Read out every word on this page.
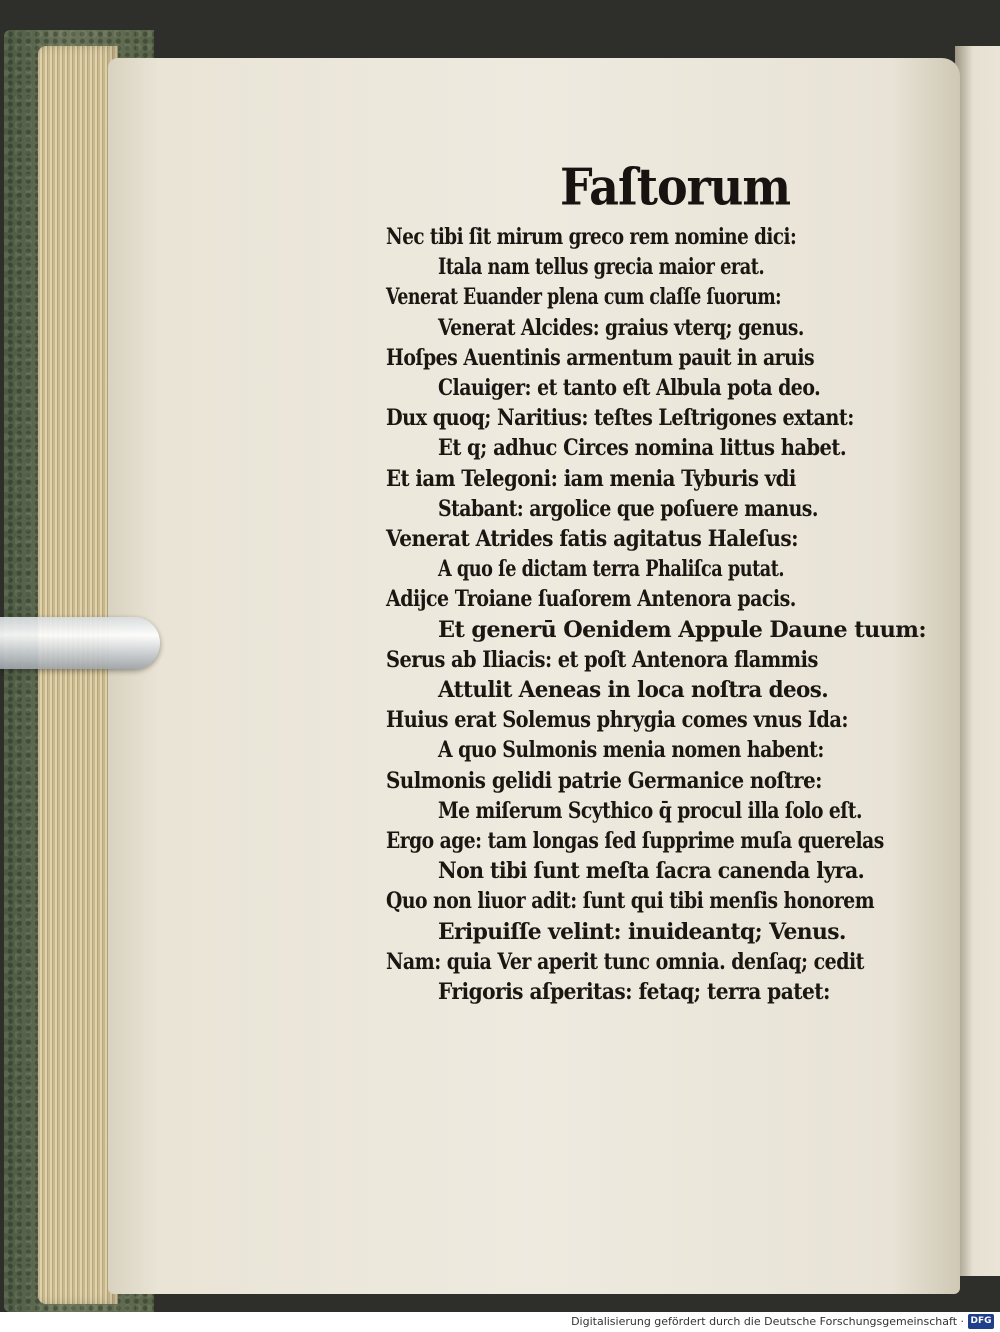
Faſtorum
Nec tibi ſit mirum greco rem nomine dici:
Itala nam tellus grecia maior erat.
Venerat Euander plena cum claſſe ſuorum:
Venerat Alcides: graius vterq; genus.
Hoſpes Auentinis armentum pauit in aruis
Clauiger: et tanto eſt Albula pota deo.
Dux quoq; Naritius: teſtes Leſtrigones extant:
Et q; adhuc Circes nomina littus habet.
Et iam Telegoni: iam menia Tyburis vdi
Stabant: argolice que poſuere manus.
Venerat Atrides fatis agitatus Haleſus:
A quo ſe dictam terra Phaliſca putat.
Adijce Troiane ſuaſorem Antenora pacis.
Et generū Oenidem Appule Daune tuum:
Serus ab Iliacis: et poſt Antenora flammis
Attulit Aeneas in loca noſtra deos.
Huius erat Solemus phrygia comes vnus Ida:
A quo Sulmonis menia nomen habent:
Sulmonis gelidi patrie Germanice noſtre:
Me miſerum Scythico q̄ procul illa ſolo eſt.
Ergo age: tam longas ſed ſupprime muſa querelas
Non tibi ſunt meſta ſacra canenda lyra.
Quo non liuor adit: ſunt qui tibi menſis honorem
Eripuiſſe velint: inuideantq; Venus.
Nam: quia Ver aperit tunc omnia. denſaq; cedit
Frigoris aſperitas: fetaq; terra patet:
Digitalisierung gefördert durch die Deutsche Forschungsgemeinschaft · DFG
